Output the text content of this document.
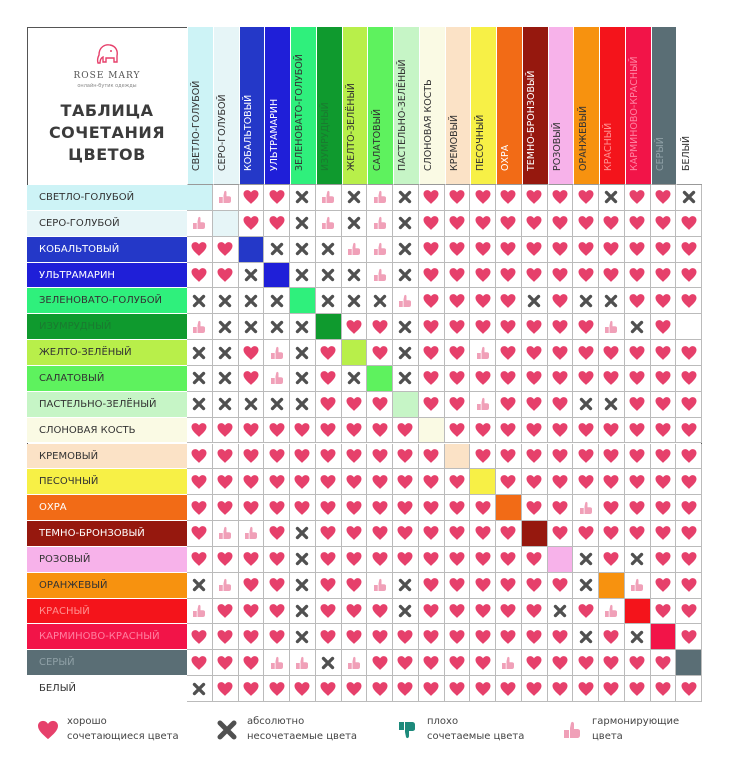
ROSE MARY
онлайн-бутик одежды
ТАБЛИЦА
СОЧЕТАНИЯ
ЦВЕТОВ	СВЕТЛО-ГОЛУБОЙ СЕРО-ГОЛУБОЙ КОБАЛЬТОВЫЙ УЛЬТРАМАРИН ЗЕЛЕНОВАТО-ГОЛУБОЙ ИЗУМРУДНЫЙ ЖЕЛТО-ЗЕЛЁНЫЙ САЛАТОВЫЙ ПАСТЕЛЬНО-ЗЕЛЁНЫЙ СЛОНОВАЯ КОСТЬ КРЕМОВЫЙ ПЕСОЧНЫЙ ОХРА ТЕМНО-БРОНЗОВЫЙ РОЗОВЫЙ ОРАНЖЕВЫЙ КРАСНЫЙ КАРМИНОВО-КРАСНЫЙ СЕРЫЙ БЕЛЫЙ
СВЕТЛО-ГОЛУБОЙ
СЕРО-ГОЛУБОЙ
КОБАЛЬТОВЫЙ
УЛЬТРАМАРИН
ЗЕЛЕНОВАТО-ГОЛУБОЙ
ИЗУМРУДНЫЙ
ЖЕЛТО-ЗЕЛЁНЫЙ
САЛАТОВЫЙ
ПАСТЕЛЬНО-ЗЕЛЁНЫЙ
СЛОНОВАЯ КОСТЬ
КРЕМОВЫЙ
ПЕСОЧНЫЙ
ОХРА
ТЕМНО-БРОНЗОВЫЙ
РОЗОВЫЙ
ОРАНЖЕВЫЙ
КРАСНЫЙ
КАРМИНОВО-КРАСНЫЙ
СЕРЫЙ
БЕЛЫЙ
хорошо
сочетающиеся цвета
абсолютно
несочетаемые цвета
плохо
сочетаемые цвета
гармонирующие
цвета
